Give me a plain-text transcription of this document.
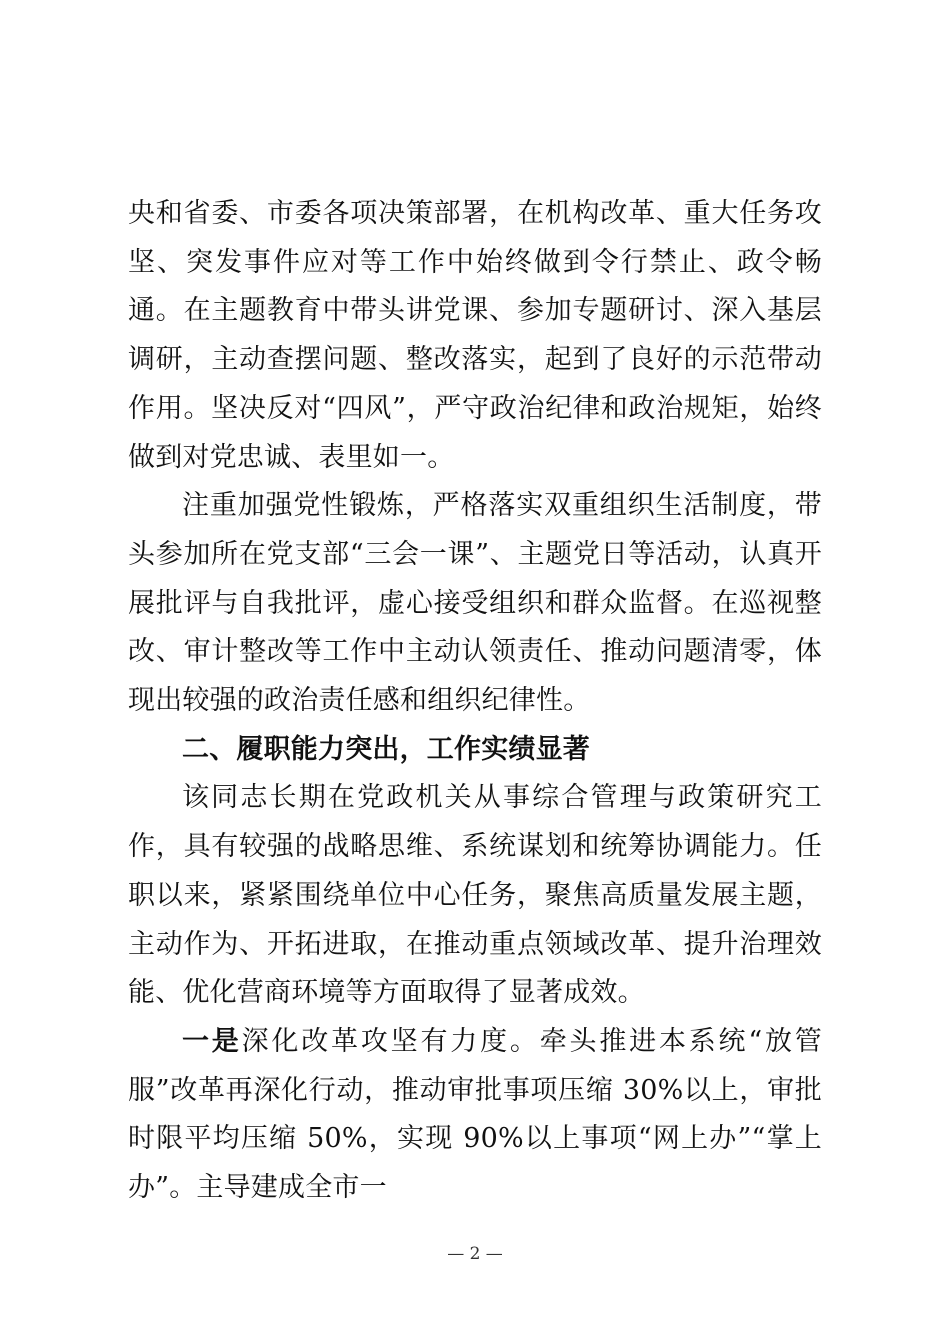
央和省委、市委各项决策部署，在机构改革、重大任务攻坚、突发事件应对等工作中始终做到令行禁止、政令畅通。在主题教育中带头讲党课、参加专题研讨、深入基层调研，主动查摆问题、整改落实，起到了良好的示范带动作用。坚决反对“四风”，严守政治纪律和政治规矩，始终做到对党忠诚、表里如一。

注重加强党性锻炼，严格落实双重组织生活制度，带头参加所在党支部“三会一课”、主题党日等活动，认真开展批评与自我批评，虚心接受组织和群众监督。在巡视整改、审计整改等工作中主动认领责任、推动问题清零，体现出较强的政治责任感和组织纪律性。

二、履职能力突出，工作实绩显著

该同志长期在党政机关从事综合管理与政策研究工作，具有较强的战略思维、系统谋划和统筹协调能力。任职以来，紧紧围绕单位中心任务，聚焦高质量发展主题，主动作为、开拓进取，在推动重点领域改革、提升治理效能、优化营商环境等方面取得了显著成效。

一是深化改革攻坚有力度。牵头推进本系统“放管服”改革再深化行动，推动审批事项压缩 30%以上，审批时限平均压缩 50%，实现 90%以上事项“网上办”“掌上办”。主导建成全市一

— 2 —
